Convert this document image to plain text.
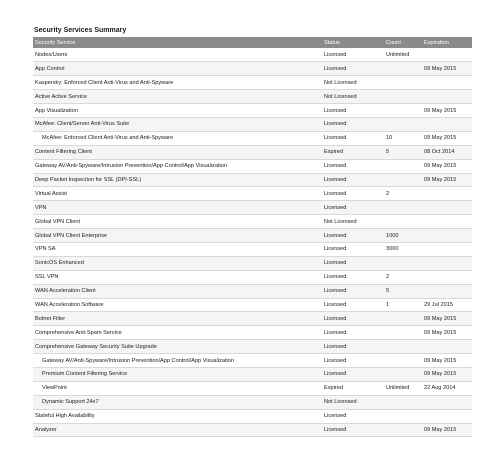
Security Services Summary
Security Service	Status	Count	Expiration
Nodes/Users	Licensed	Unlimited	
App Control	Licensed		09 May 2015
Kaspersky: Enforced Client Anti-Virus and Anti-Spyware	Not Licensed		
Active Active Service	Not Licensed		
App Visualization	Licensed		09 May 2015
McAfee: Client/Server Anti-Virus Suite	Licensed		
McAfee: Enforced Client Anti-Virus and Anti-Spyware	Licensed	10	09 May 2015
Content Filtering Client	Expired	5	08 Oct 2014
Gateway AV/Anti-Spyware/Intrusion Prevention/App Control/App Visualization	Licensed		09 May 2015
Deep Packet Inspection for SSL (DPI-SSL)	Licensed		09 May 2015
Virtual Assist	Licensed	2	
VPN	Licensed		
Global VPN Client	Not Licensed		
Global VPN Client Enterprise	Licensed	1000	
VPN SA	Licensed	3000	
SonicOS Enhanced	Licensed		
SSL VPN	Licensed	2	
WAN Acceleration Client	Licensed	5	
WAN Acceleration Software	Licensed	1	29 Jul 2015
Botnet Filter	Licensed		09 May 2015
Comprehensive Anti-Spam Service	Licensed		09 May 2015
Comprehensive Gateway Security Suite Upgrade	Licensed		
Gateway AV/Anti-Spyware/Intrusion Prevention/App Control/App Visualization	Licensed		09 May 2015
Premium Content Filtering Service	Licensed		09 May 2015
ViewPoint	Expired	Unlimited	22 Aug 2014
Dynamic Support 24x7	Not Licensed		
Stateful High Availability	Licensed		
Analyzer	Licensed		09 May 2015
